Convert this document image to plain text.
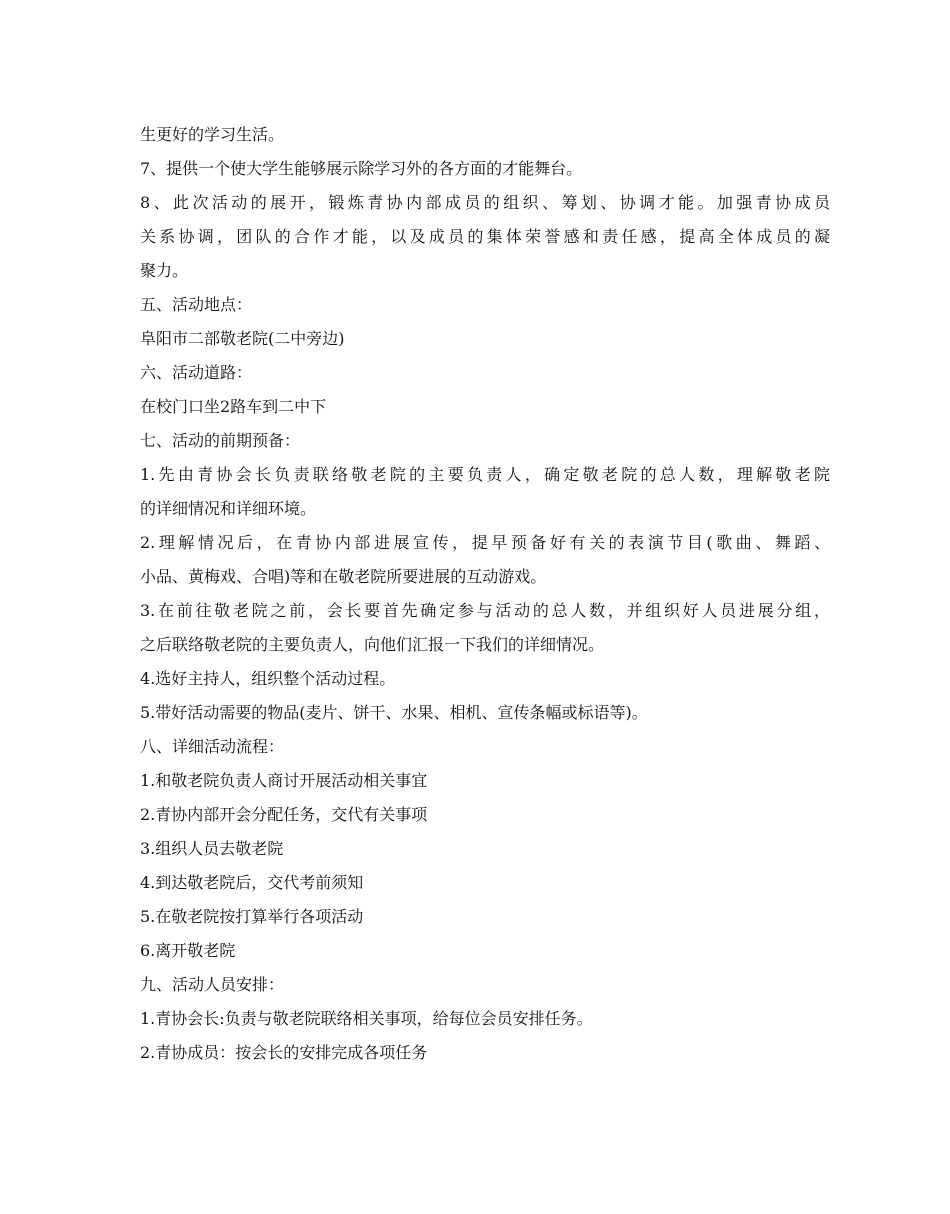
生更好的学习生活。
7、提供一个使大学生能够展示除学习外的各方面的才能舞台。
8、此次活动的展开，锻炼青协内部成员的组织、筹划、协调才能。加强青协成员
关系协调，团队的合作才能，以及成员的集体荣誉感和责任感，提高全体成员的凝
聚力。
五、活动地点：
阜阳市二部敬老院(二中旁边)
六、活动道路：
在校门口坐2路车到二中下
七、活动的前期预备：
1.先由青协会长负责联络敬老院的主要负责人，确定敬老院的总人数，理解敬老院
的详细情况和详细环境。
2.理解情况后，在青协内部进展宣传，提早预备好有关的表演节目(歌曲、舞蹈、
小品、黄梅戏、合唱)等和在敬老院所要进展的互动游戏。
3.在前往敬老院之前，会长要首先确定参与活动的总人数，并组织好人员进展分组，
之后联络敬老院的主要负责人，向他们汇报一下我们的详细情况。
4.选好主持人，组织整个活动过程。
5.带好活动需要的物品(麦片、饼干、水果、相机、宣传条幅或标语等)。
八、详细活动流程：
1.和敬老院负责人商讨开展活动相关事宜
2.青协内部开会分配任务，交代有关事项
3.组织人员去敬老院
4.到达敬老院后，交代考前须知
5.在敬老院按打算举行各项活动
6.离开敬老院
九、活动人员安排：
1.青协会长:负责与敬老院联络相关事项，给每位会员安排任务。
2.青协成员：按会长的安排完成各项任务
